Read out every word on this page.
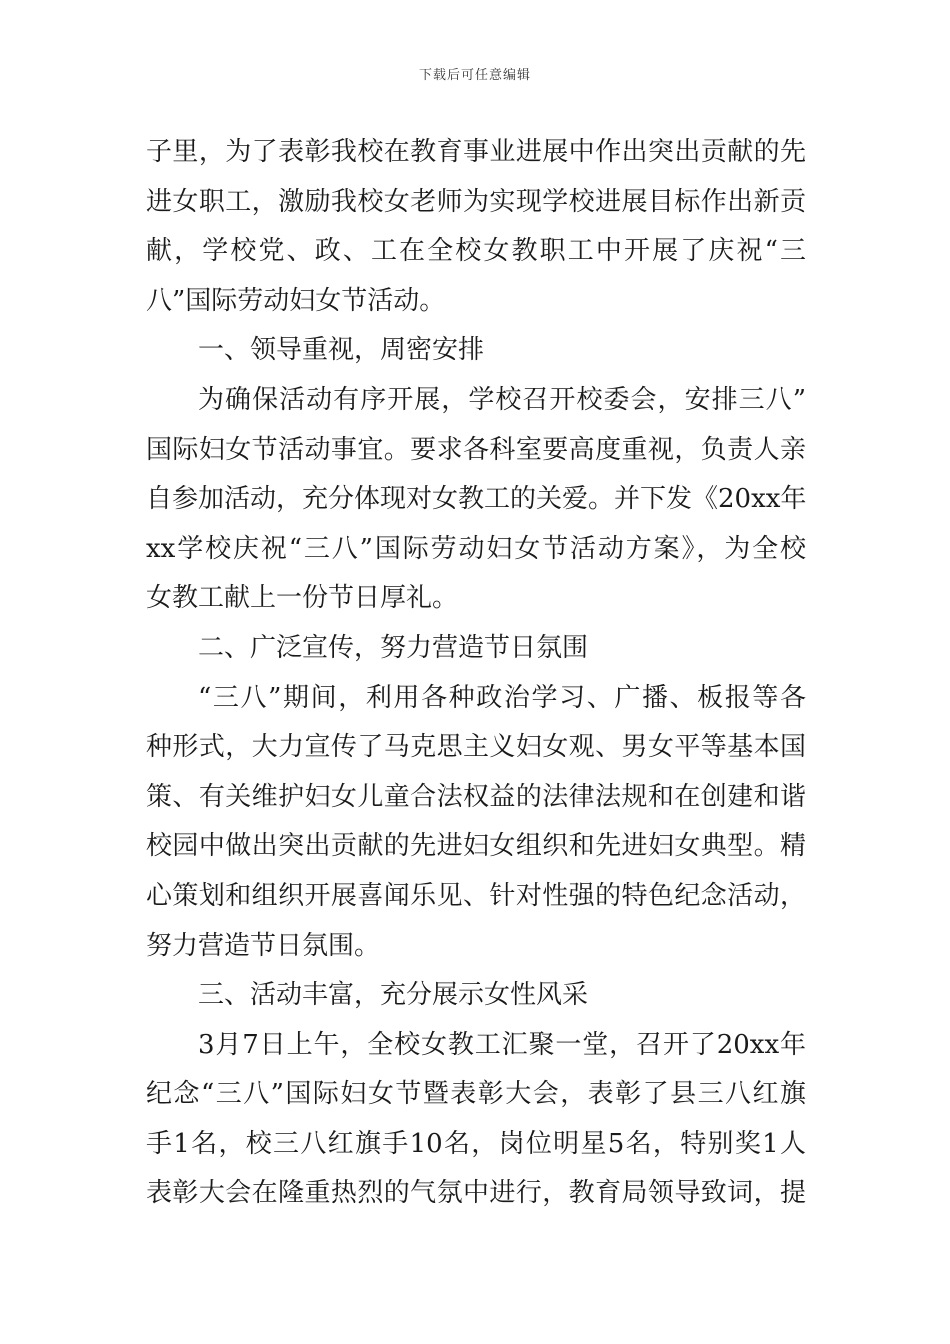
下载后可任意编辑
子里，为了表彰我校在教育事业进展中作出突出贡献的先
进女职工，激励我校女老师为实现学校进展目标作出新贡
献，学校党、政、工在全校女教职工中开展了庆祝“三
八”国际劳动妇女节活动。
一、领导重视，周密安排
为确保活动有序开展，学校召开校委会，安排三八”
国际妇女节活动事宜。要求各科室要高度重视，负责人亲
自参加活动，充分体现对女教工的关爱。并下发《20xx年
xx学校庆祝“三八”国际劳动妇女节活动方案》，为全校
女教工献上一份节日厚礼。
二、广泛宣传，努力营造节日氛围
“三八”期间，利用各种政治学习、广播、板报等各
种形式，大力宣传了马克思主义妇女观、男女平等基本国
策、有关维护妇女儿童合法权益的法律法规和在创建和谐
校园中做出突出贡献的先进妇女组织和先进妇女典型。精
心策划和组织开展喜闻乐见、针对性强的特色纪念活动，
努力营造节日氛围。
三、活动丰富，充分展示女性风采
3月7日上午，全校女教工汇聚一堂，召开了20xx年
纪念“三八”国际妇女节暨表彰大会，表彰了县三八红旗
手1名，校三八红旗手10名，岗位明星5名，特别奖1人
表彰大会在隆重热烈的气氛中进行，教育局领导致词，提
